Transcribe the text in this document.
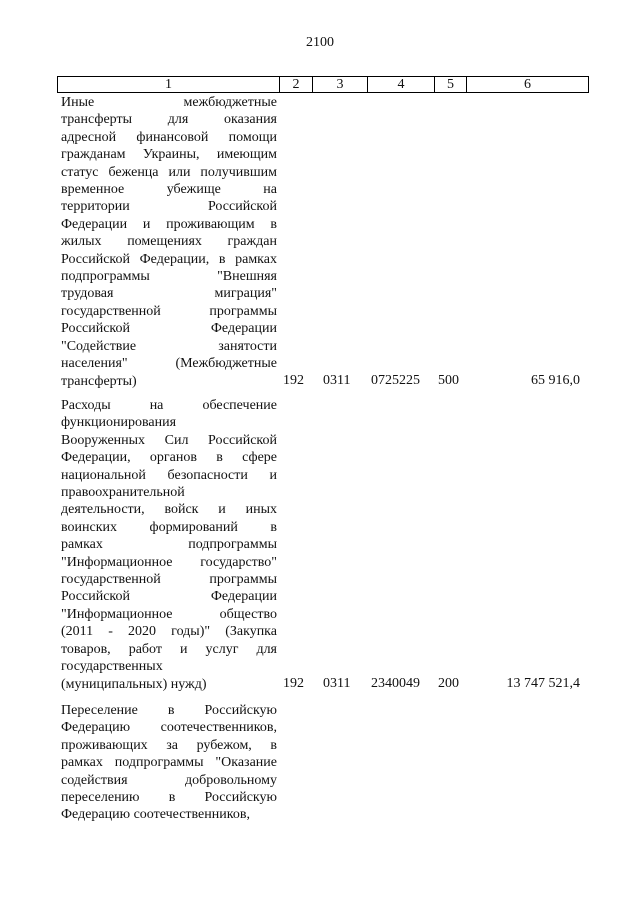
2100
1	2	3	4	5	6
Иные межбюджетные
трансферты для оказания
адресной финансовой помощи
гражданам Украины, имеющим
статус беженца или получившим
временное убежище на
территории Российской
Федерации и проживающим в
жилых помещениях граждан
Российской Федерации, в рамках
подпрограммы "Внешняя
трудовая миграция"
государственной программы
Российской Федерации
"Содействие занятости
населения" (Межбюджетные
трансферты)	192 0311 0725225 500	65 916,0
Расходы на обеспечение
функционирования
Вооруженных Сил Российской
Федерации, органов в сфере
национальной безопасности и
правоохранительной
деятельности, войск и иных
воинских формирований в
рамках подпрограммы
"Информационное государство"
государственной программы
Российской Федерации
"Информационное общество
(2011 - 2020 годы)" (Закупка
товаров, работ и услуг для
государственных
(муниципальных) нужд)	192 0311 2340049 200	13 747 521,4
Переселение в Российскую
Федерацию соотечественников,
проживающих за рубежом, в
рамках подпрограммы "Оказание
содействия добровольному
переселению в Российскую
Федерацию соотечественников,
